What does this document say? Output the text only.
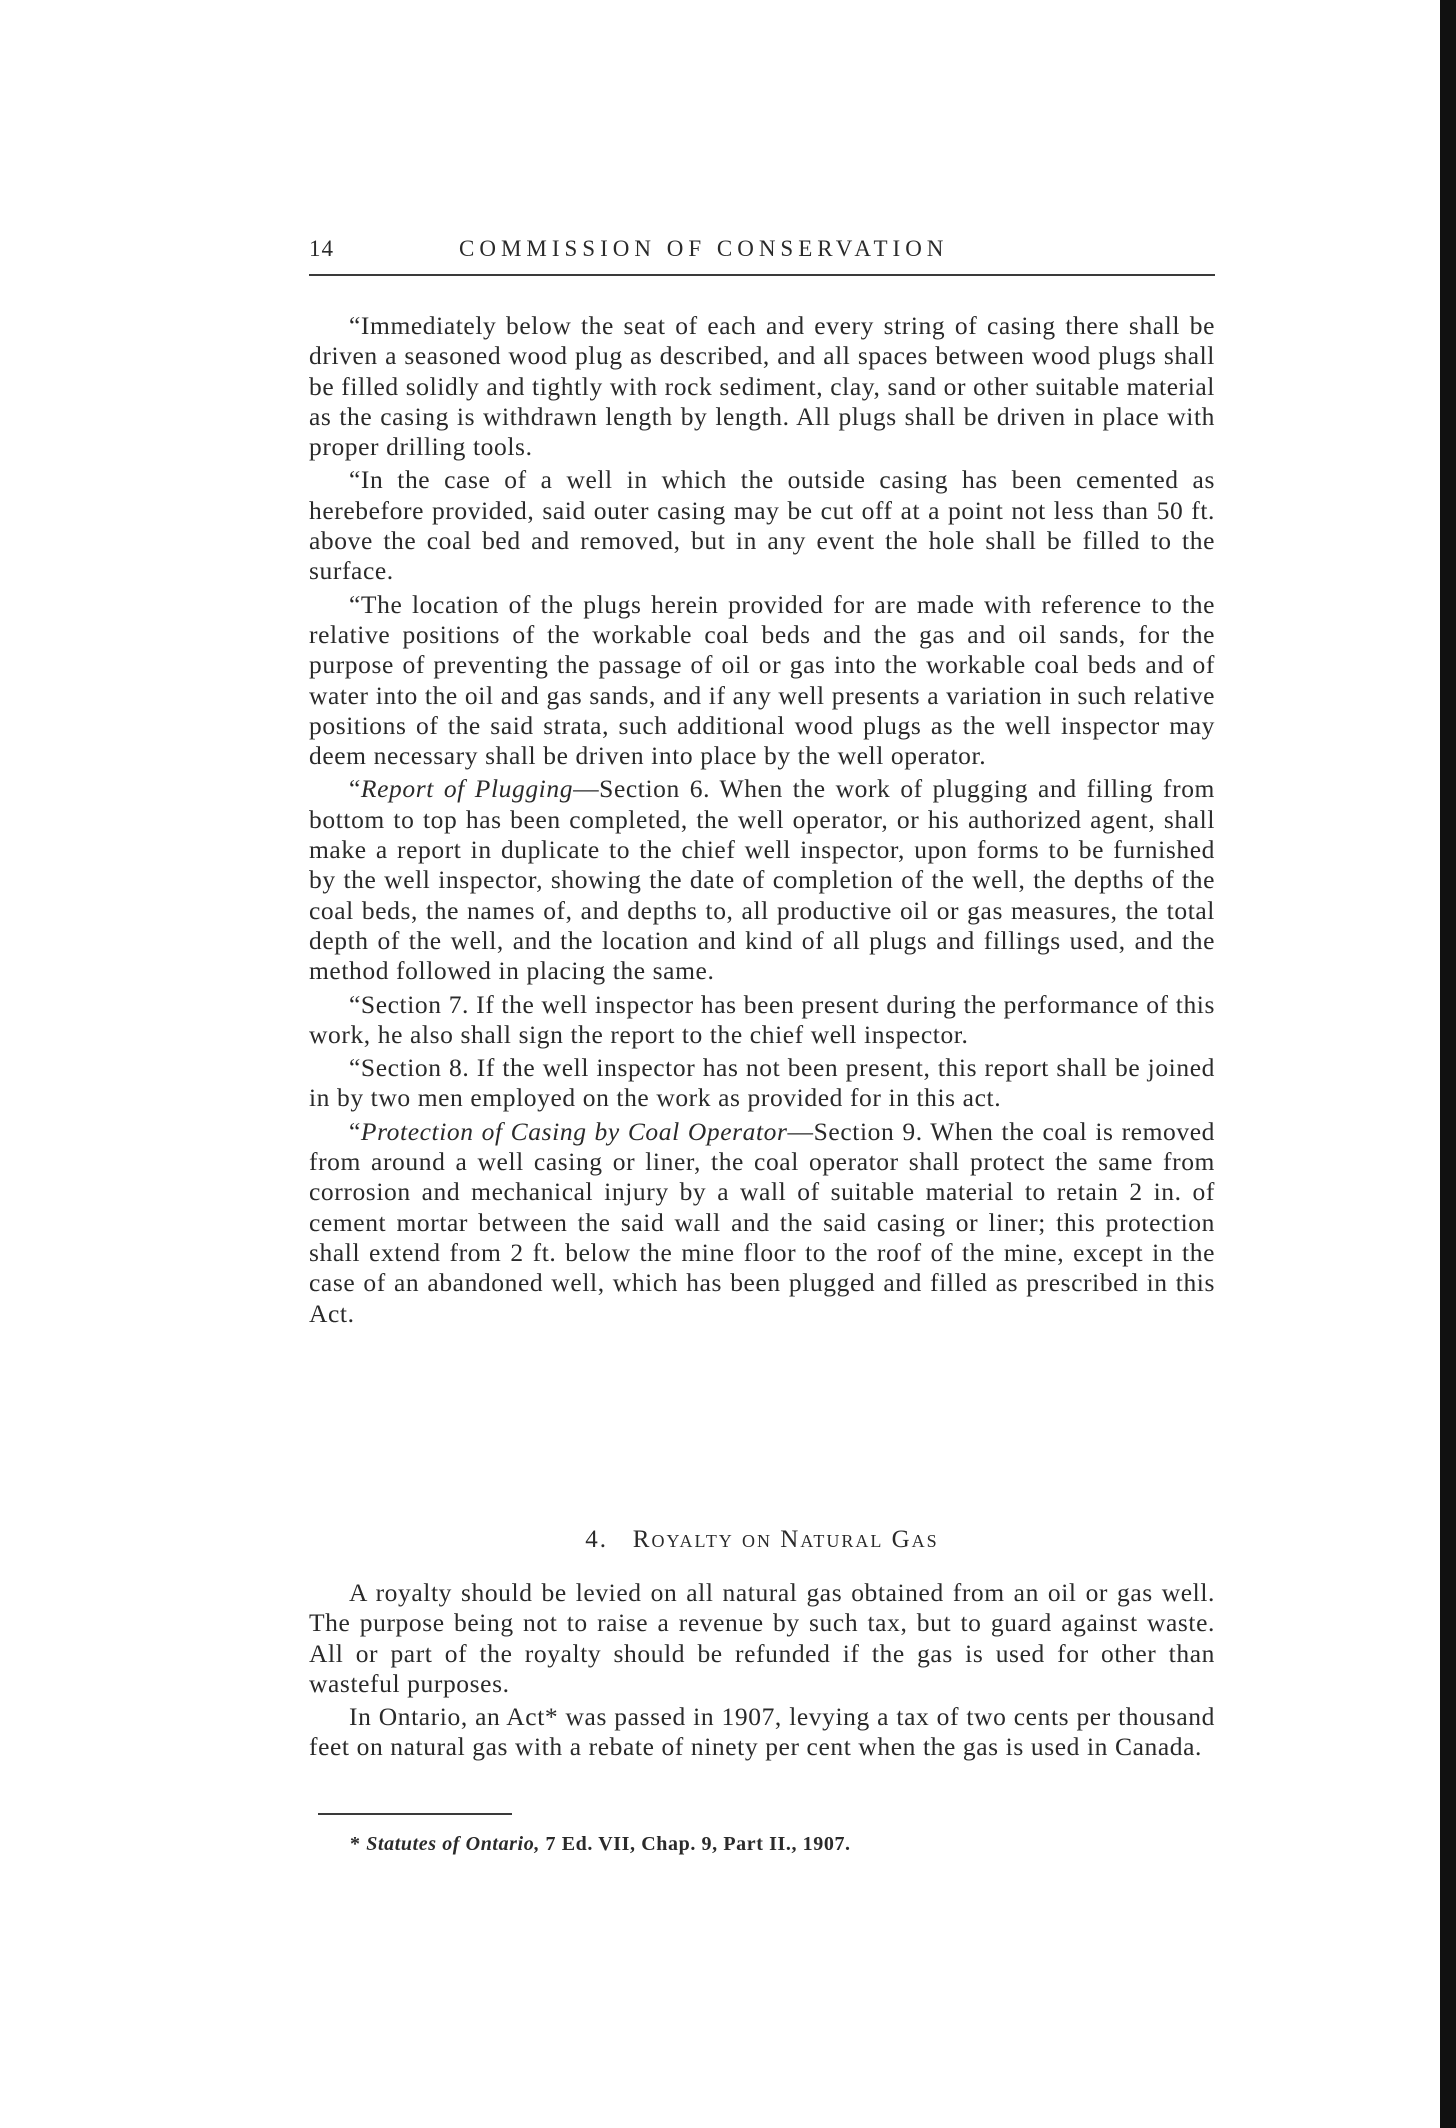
14	COMMISSION OF CONSERVATION

“Immediately below the seat of each and every string of casing there shall be driven a seasoned wood plug as described, and all spaces between wood plugs shall be filled solidly and tightly with rock sediment, clay, sand or other suitable material as the casing is withdrawn length by length. All plugs shall be driven in place with proper drilling tools.

“In the case of a well in which the outside casing has been cemented as herebefore provided, said outer casing may be cut off at a point not less than 50 ft. above the coal bed and removed, but in any event the hole shall be filled to the surface.

“The location of the plugs herein provided for are made with reference to the relative positions of the workable coal beds and the gas and oil sands, for the purpose of preventing the passage of oil or gas into the workable coal beds and of water into the oil and gas sands, and if any well presents a variation in such relative positions of the said strata, such additional wood plugs as the well inspector may deem necessary shall be driven into place by the well operator.

“Report of Plugging—Section 6. When the work of plugging and filling from bottom to top has been completed, the well operator, or his authorized agent, shall make a report in duplicate to the chief well inspector, upon forms to be furnished by the well inspector, showing the date of completion of the well, the depths of the coal beds, the names of, and depths to, all productive oil or gas measures, the total depth of the well, and the location and kind of all plugs and fillings used, and the method followed in placing the same.

“Section 7. If the well inspector has been present during the performance of this work, he also shall sign the report to the chief well inspector.

“Section 8. If the well inspector has not been present, this report shall be joined in by two men employed on the work as provided for in this act.

“Protection of Casing by Coal Operator—Section 9. When the coal is removed from around a well casing or liner, the coal operator shall protect the same from corrosion and mechanical injury by a wall of suitable material to retain 2 in. of cement mortar between the said wall and the said casing or liner; this protection shall extend from 2 ft. below the mine floor to the roof of the mine, except in the case of an abandoned well, which has been plugged and filled as prescribed in this Act.

4. Royalty on Natural Gas

A royalty should be levied on all natural gas obtained from an oil or gas well. The purpose being not to raise a revenue by such tax, but to guard against waste. All or part of the royalty should be refunded if the gas is used for other than wasteful purposes.

In Ontario, an Act* was passed in 1907, levying a tax of two cents per thousand feet on natural gas with a rebate of ninety per cent when the gas is used in Canada.

* Statutes of Ontario, 7 Ed. VII, Chap. 9, Part II., 1907.
